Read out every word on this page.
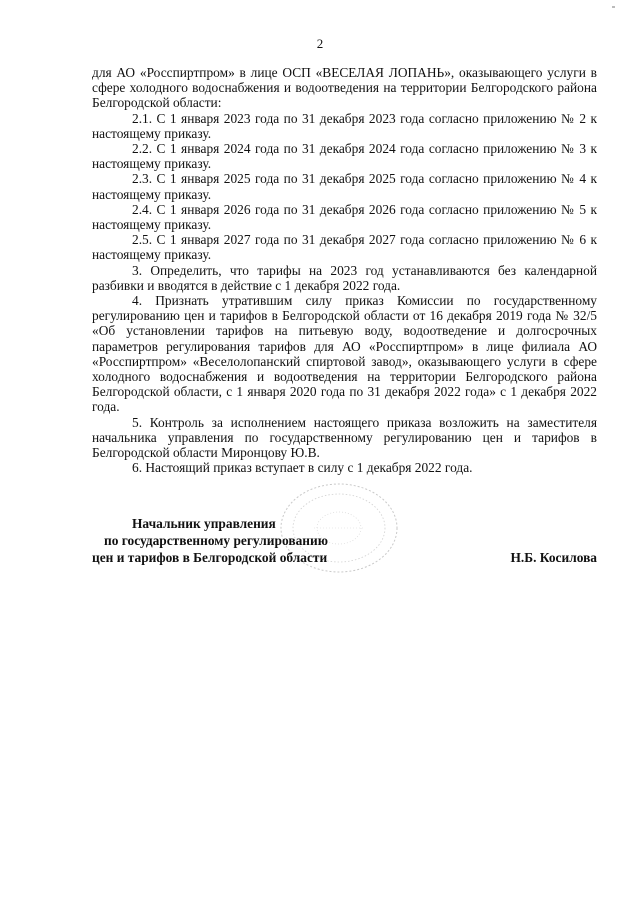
2

для АО «Росспиртпром» в лице ОСП «ВЕСЕЛАЯ ЛОПАНЬ», оказывающего услуги в сфере холодного водоснабжения и водоотведения на территории Белгородского района Белгородской области:

2.1. С 1 января 2023 года по 31 декабря 2023 года согласно приложению № 2 к настоящему приказу.

2.2. С 1 января 2024 года по 31 декабря 2024 года согласно приложению № 3 к настоящему приказу.

2.3. С 1 января 2025 года по 31 декабря 2025 года согласно приложению № 4 к настоящему приказу.

2.4. С 1 января 2026 года по 31 декабря 2026 года согласно приложению № 5 к настоящему приказу.

2.5. С 1 января 2027 года по 31 декабря 2027 года согласно приложению № 6 к настоящему приказу.

3. Определить, что тарифы на 2023 год устанавливаются без календарной разбивки и вводятся в действие с 1 декабря 2022 года.

4. Признать утратившим силу приказ Комиссии по государственному регулированию цен и тарифов в Белгородской области от 16 декабря 2019 года № 32/5 «Об установлении тарифов на питьевую воду, водоотведение и долгосрочных параметров регулирования тарифов для АО «Росспиртпром» в лице филиала АО «Росспиртпром» «Веселолопанский спиртовой завод», оказывающего услуги в сфере холодного водоснабжения и водоотведения на территории Белгородского района Белгородской области, с 1 января 2020 года по 31 декабря 2022 года» с 1 декабря 2022 года.

5. Контроль за исполнением настоящего приказа возложить на заместителя начальника управления по государственному регулированию цен и тарифов в Белгородской области Миронцову Ю.В.

6. Настоящий приказ вступает в силу с 1 декабря 2022 года.

Начальник управления
по государственному регулированию
цен и тарифов в Белгородской области	Н.Б. Косилова
